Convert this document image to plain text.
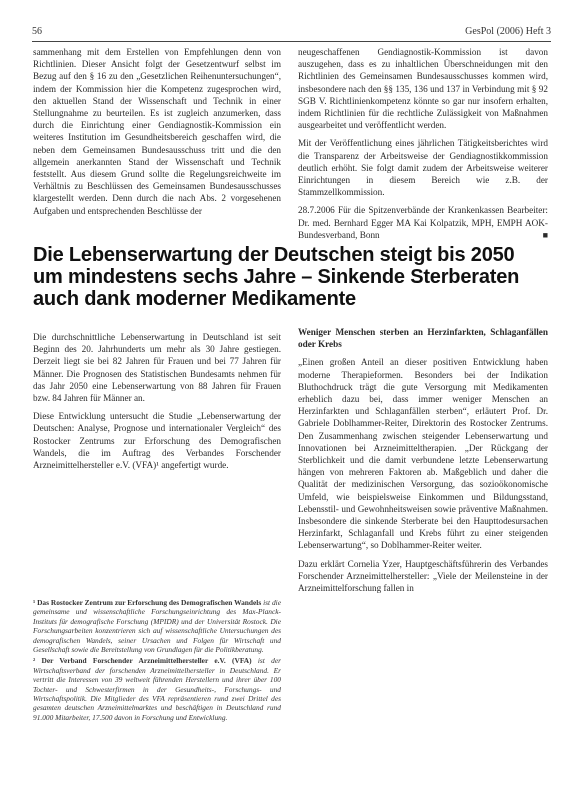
56	GesPol (2006) Heft 3

sammenhang mit dem Erstellen von Empfehlungen denn von Richtlinien. Dieser Ansicht folgt der Gesetzentwurf selbst im Bezug auf den § 16 zu den „Gesetzlichen Reihenuntersuchungen“, indem der Kommission hier die Kompetenz zugesprochen wird, den aktuellen Stand der Wissenschaft und Technik in einer Stellungnahme zu beurteilen. Es ist zugleich anzumerken, dass durch die Einrichtung einer Gendiagnostik-Kommission ein weiteres Institution im Gesundheitsbereich geschaffen wird, die neben dem Gemeinsamen Bundesausschuss tritt und die den allgemein anerkannten Stand der Wissenschaft und Technik feststellt. Aus diesem Grund sollte die Regelungsreichweite im Verhältnis zu Beschlüssen des Gemeinsamen Bundesausschusses klargestellt werden. Denn durch die nach Abs. 2 vorgesehenen Aufgaben und entsprechenden Beschlüsse der

neugeschaffenen Gendiagnostik-Kommission ist davon auszugehen, dass es zu inhaltlichen Überschneidungen mit den Richtlinien des Gemeinsamen Bundesausschusses kommen wird, insbesondere nach den §§ 135, 136 und 137 in Verbindung mit § 92 SGB V. Richtlinienkompetenz könnte so gar nur insofern erhalten, indem Richtlinien für die rechtliche Zulässigkeit von Maßnahmen ausgearbeitet und veröffentlicht werden.

Mit der Veröffentlichung eines jährlichen Tätigkeitsberichtes wird die Transparenz der Arbeitsweise der Gendiagnostikkommission deutlich erhöht. Sie folgt damit zudem der Arbeitsweise weiterer Einrichtungen in diesem Bereich wie z.B. der Stammzellkommission.

28.7.2006 Für die Spitzenverbände der Krankenkassen Bearbeiter: Dr. med. Bernhard Egger MA Kai Kolpatzik, MPH, EMPH AOK-Bundesverband, Bonn	■

Die Lebenserwartung der Deutschen steigt bis 2050 um mindestens sechs Jahre – Sinkende Sterberaten auch dank moderner Medikamente

Die durchschnittliche Lebenserwartung in Deutschland ist seit Beginn des 20. Jahrhunderts um mehr als 30 Jahre gestiegen. Derzeit liegt sie bei 82 Jahren für Frauen und bei 77 Jahren für Männer. Die Prognosen des Statistischen Bundesamts nehmen für das Jahr 2050 eine Lebenserwartung von 88 Jahren für Frauen bzw. 84 Jahren für Männer an.

Diese Entwicklung untersucht die Studie „Lebenserwartung der Deutschen: Analyse, Prognose und internationaler Vergleich“ des Rostocker Zentrums zur Erforschung des Demografischen Wandels, die im Auftrag des Verbandes Forschender Arzneimittelhersteller e.V. (VFA)¹ angefertigt wurde.

¹ Das Rostocker Zentrum zur Erforschung des Demografischen Wandels ist die gemeinsame und wissenschaftliche Forschungseinrichtung des Max-Planck-Instituts für demografische Forschung (MPIDR) und der Universität Rostock. Die Forschungsarbeiten konzentrieren sich auf wissenschaftliche Untersuchungen des demografischen Wandels, seiner Ursachen und Folgen für Wirtschaft und Gesellschaft sowie die Bereitstellung von Grundlagen für die Politikberatung.

² Der Verband Forschender Arzneimittelhersteller e.V. (VFA) ist der Wirtschaftsverband der forschenden Arzneimittelhersteller in Deutschland. Er vertritt die Interessen von 39 weltweit führenden Herstellern und ihrer über 100 Tochter- und Schwesterfirmen in der Gesundheits-, Forschungs- und Wirtschaftspolitik. Die Mitglieder des VFA repräsentieren rund zwei Drittel des gesamten deutschen Arzneimittelmarktes und beschäftigen in Deutschland rund 91.000 Mitarbeiter, 17.500 davon in Forschung und Entwicklung.

Weniger Menschen sterben an Herzinfarkten, Schlaganfällen oder Krebs

„Einen großen Anteil an dieser positiven Entwicklung haben moderne Therapieformen. Besonders bei der Indikation Bluthochdruck trägt die gute Versorgung mit Medikamenten erheblich dazu bei, dass immer weniger Menschen an Herzinfarkten und Schlaganfällen sterben“, erläutert Prof. Dr. Gabriele Doblhammer-Reiter, Direktorin des Rostocker Zentrums. Den Zusammenhang zwischen steigender Lebenserwartung und Innovationen bei Arzneimitteltherapien. „Der Rückgang der Sterblichkeit und die damit verbundene letzte Lebenserwartung hängen von mehreren Faktoren ab. Maßgeblich und daher die Qualität der medizinischen Versorgung, das sozioökonomische Umfeld, wie beispielsweise Einkommen und Bildungsstand, Lebensstil- und Gewohnheitsweisen sowie präventive Maßnahmen. Insbesondere die sinkende Sterberate bei den Haupttodesursachen Herzinfarkt, Schlaganfall und Krebs führt zu einer steigenden Lebenserwartung“, so Doblhammer-Reiter weiter.

Dazu erklärt Cornelia Yzer, Hauptgeschäftsführerin des Verbandes Forschender Arzneimittelhersteller: „Viele der Meilensteine in der Arzneimittelforschung fallen in
